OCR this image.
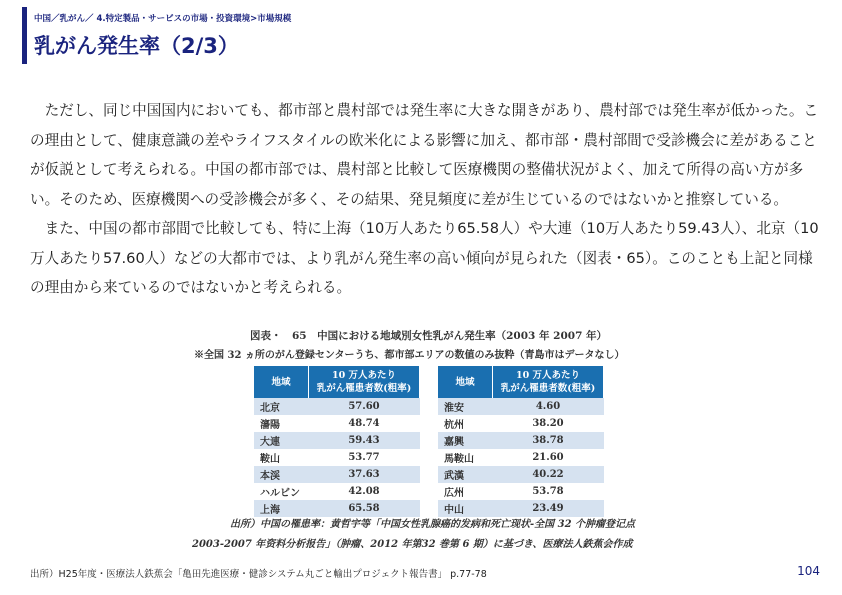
中国／乳がん／ 4.特定製品・サービスの市場・投資環境>市場規模
乳がん発生率（2/3）

ただし、同じ中国国内においても、都市部と農村部では発生率に大きな開きがあり、農村部では発生率が低かった。この理由として、健康意識の差やライフスタイルの欧米化による影響に加え、都市部・農村部間で受診機会に差があることが仮説として考えられる。中国の都市部では、農村部と比較して医療機関の整備状況がよく、加えて所得の高い方が多い。そのため、医療機関への受診機会が多く、その結果、発見頻度に差が生じているのではないかと推察している。

また、中国の都市部間で比較しても、特に上海（10万人あたり65.58人）や大連（10万人あたり59.43人）、北京（10万人あたり57.60人）などの大都市では、より乳がん発生率の高い傾向が見られた（図表・65）。このことも上記と同様の理由から来ているのではないかと考えられる。

図表・　65　中国における地域別女性乳がん発生率（2003 年 2007 年）
※全国 32 ヵ所のがん登録センターうち、都市部エリアの数値のみ抜粋（青島市はデータなし）
地域	10 万人あたり
乳がん罹患者数(粗率)
北京	57.60
瀋陽	48.74
大連	59.43
鞍山	53.77
本渓	37.63
ハルビン	42.08
上海	65.58
地域	10 万人あたり
乳がん罹患者数(粗率)
淮安	4.60
杭州	38.20
嘉興	38.78
馬鞍山	21.60
武漢	40.22
広州	53.78
中山	23.49
出所）中国の罹患率：黄哲宇等「中国女性乳腺癌的发病和死亡现状-全国 32 个肿瘤登记点
2003-2007 年资料分析报告」（肿瘤、2012 年第32 巻第 6 期）に基づき、医療法人鉄蕉会作成
出所）H25年度・医療法人鉄蕉会「亀田先進医療・健診システム丸ごと輸出プロジェクト報告書」 p.77-78	104
